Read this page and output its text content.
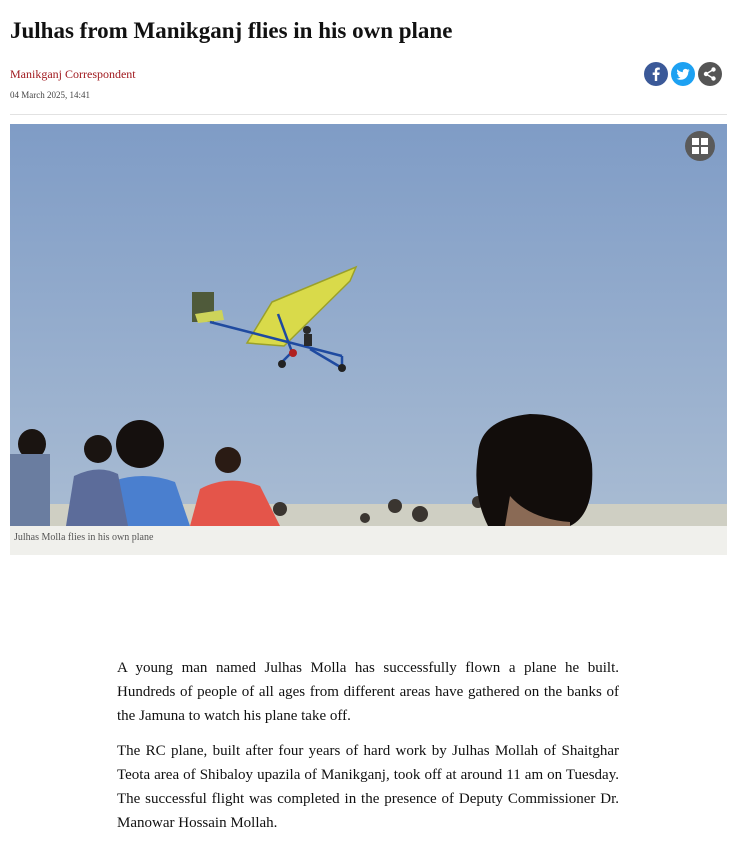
Julhas from Manikganj flies in his own plane
Manikganj Correspondent
04 March 2025, 14:41
Julhas Molla flies in his own plane

A young man named Julhas Molla has successfully flown a plane he built. Hundreds of people of all ages from different areas have gathered on the banks of the Jamuna to watch his plane take off.

The RC plane, built after four years of hard work by Julhas Mollah of Shaitghar Teota area of Shibaloy upazila of Manikganj, took off at around 11 am on Tuesday. The successful flight was completed in the presence of Deputy Commissioner Dr. Manowar Hossain Mollah.
